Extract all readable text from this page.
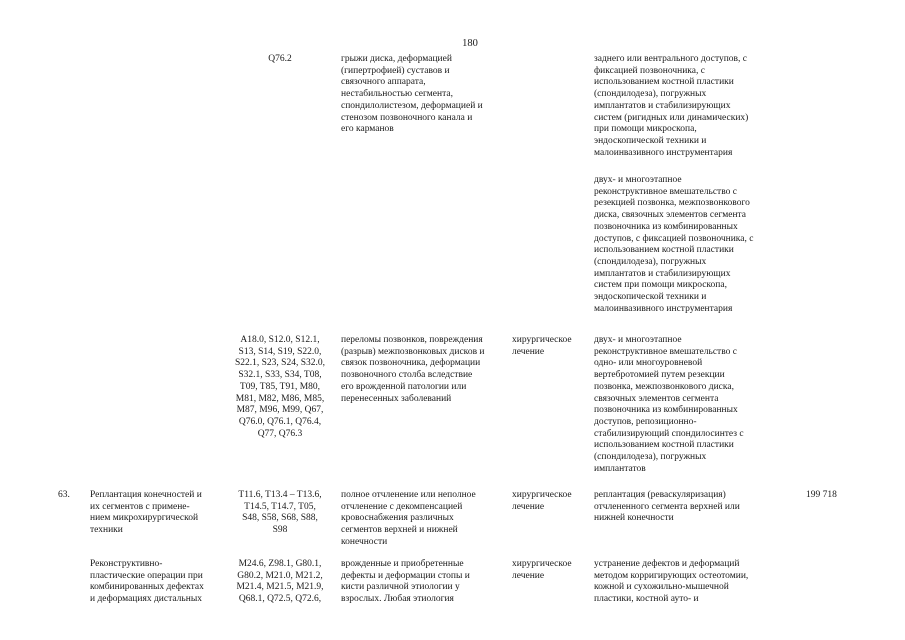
180
Q76.2	грыжи диска, деформацией
(гипертрофией) суставов и
связочного аппарата,
нестабильностью сегмента,
спондилолистезом, деформацией и
стенозом позвоночного канала и
его карманов
заднего или вентрального доступов, с
фиксацией позвоночника, с
использованием костной пластики
(спондилодеза), погружных
имплантатов и стабилизирующих
систем (ригидных или динамических)
при помощи микроскопа,
эндоскопической техники и
малоинвазивного инструментария
двух- и многоэтапное
реконструктивное вмешательство с
резекцией позвонка, межпозвонкового
диска, связочных элементов сегмента
позвоночника из комбинированных
доступов, с фиксацией позвоночника, с
использованием костной пластики
(спондилодеза), погружных
имплантатов и стабилизирующих
систем при помощи микроскопа,
эндоскопической техники и
малоинвазивного инструментария
A18.0, S12.0, S12.1,
S13, S14, S19, S22.0,
S22.1, S23, S24, S32.0,
S32.1, S33, S34, T08,
T09, T85, T91, M80,
M81, M82, M86, M85,
M87, M96, M99, Q67,
Q76.0, Q76.1, Q76.4,
Q77, Q76.3
переломы позвонков, повреждения
(разрыв) межпозвонковых дисков и
связок позвоночника, деформации
позвоночного столба вследствие
его врожденной патологии или
перенесенных заболеваний
хирургическое
лечение
двух- и многоэтапное
реконструктивное вмешательство с
одно- или многоуровневой
вертебротомией путем резекции
позвонка, межпозвонкового диска,
связочных элементов сегмента
позвоночника из комбинированных
доступов, репозиционно-
стабилизирующий спондилосинтез с
использованием костной пластики
(спондилодеза), погружных
имплантатов
63.	Реплантация конечностей и
их сегментов с примене-
нием микрохирургической
техники
T11.6, T13.4 – T13.6,
T14.5, T14.7, T05,
S48, S58, S68, S88,
S98
полное отчленение или неполное
отчленение с декомпенсацией
кровоснабжения различных
сегментов верхней и нижней
конечности
хирургическое
лечение
реплантация (реваскуляризация)
отчлененного сегмента верхней или
нижней конечности
199 718
Реконструктивно-
пластические операции при
комбинированных дефектах
и деформациях дистальных
M24.6, Z98.1, G80.1,
G80.2, M21.0, M21.2,
M21.4, M21.5, M21.9,
Q68.1, Q72.5, Q72.6,
врожденные и приобретенные
дефекты и деформации стопы и
кисти различной этиологии у
взрослых. Любая этиология
хирургическое
лечение
устранение дефектов и деформаций
методом корригирующих остеотомии,
кожной и сухожильно-мышечной
пластики, костной ауто- и
